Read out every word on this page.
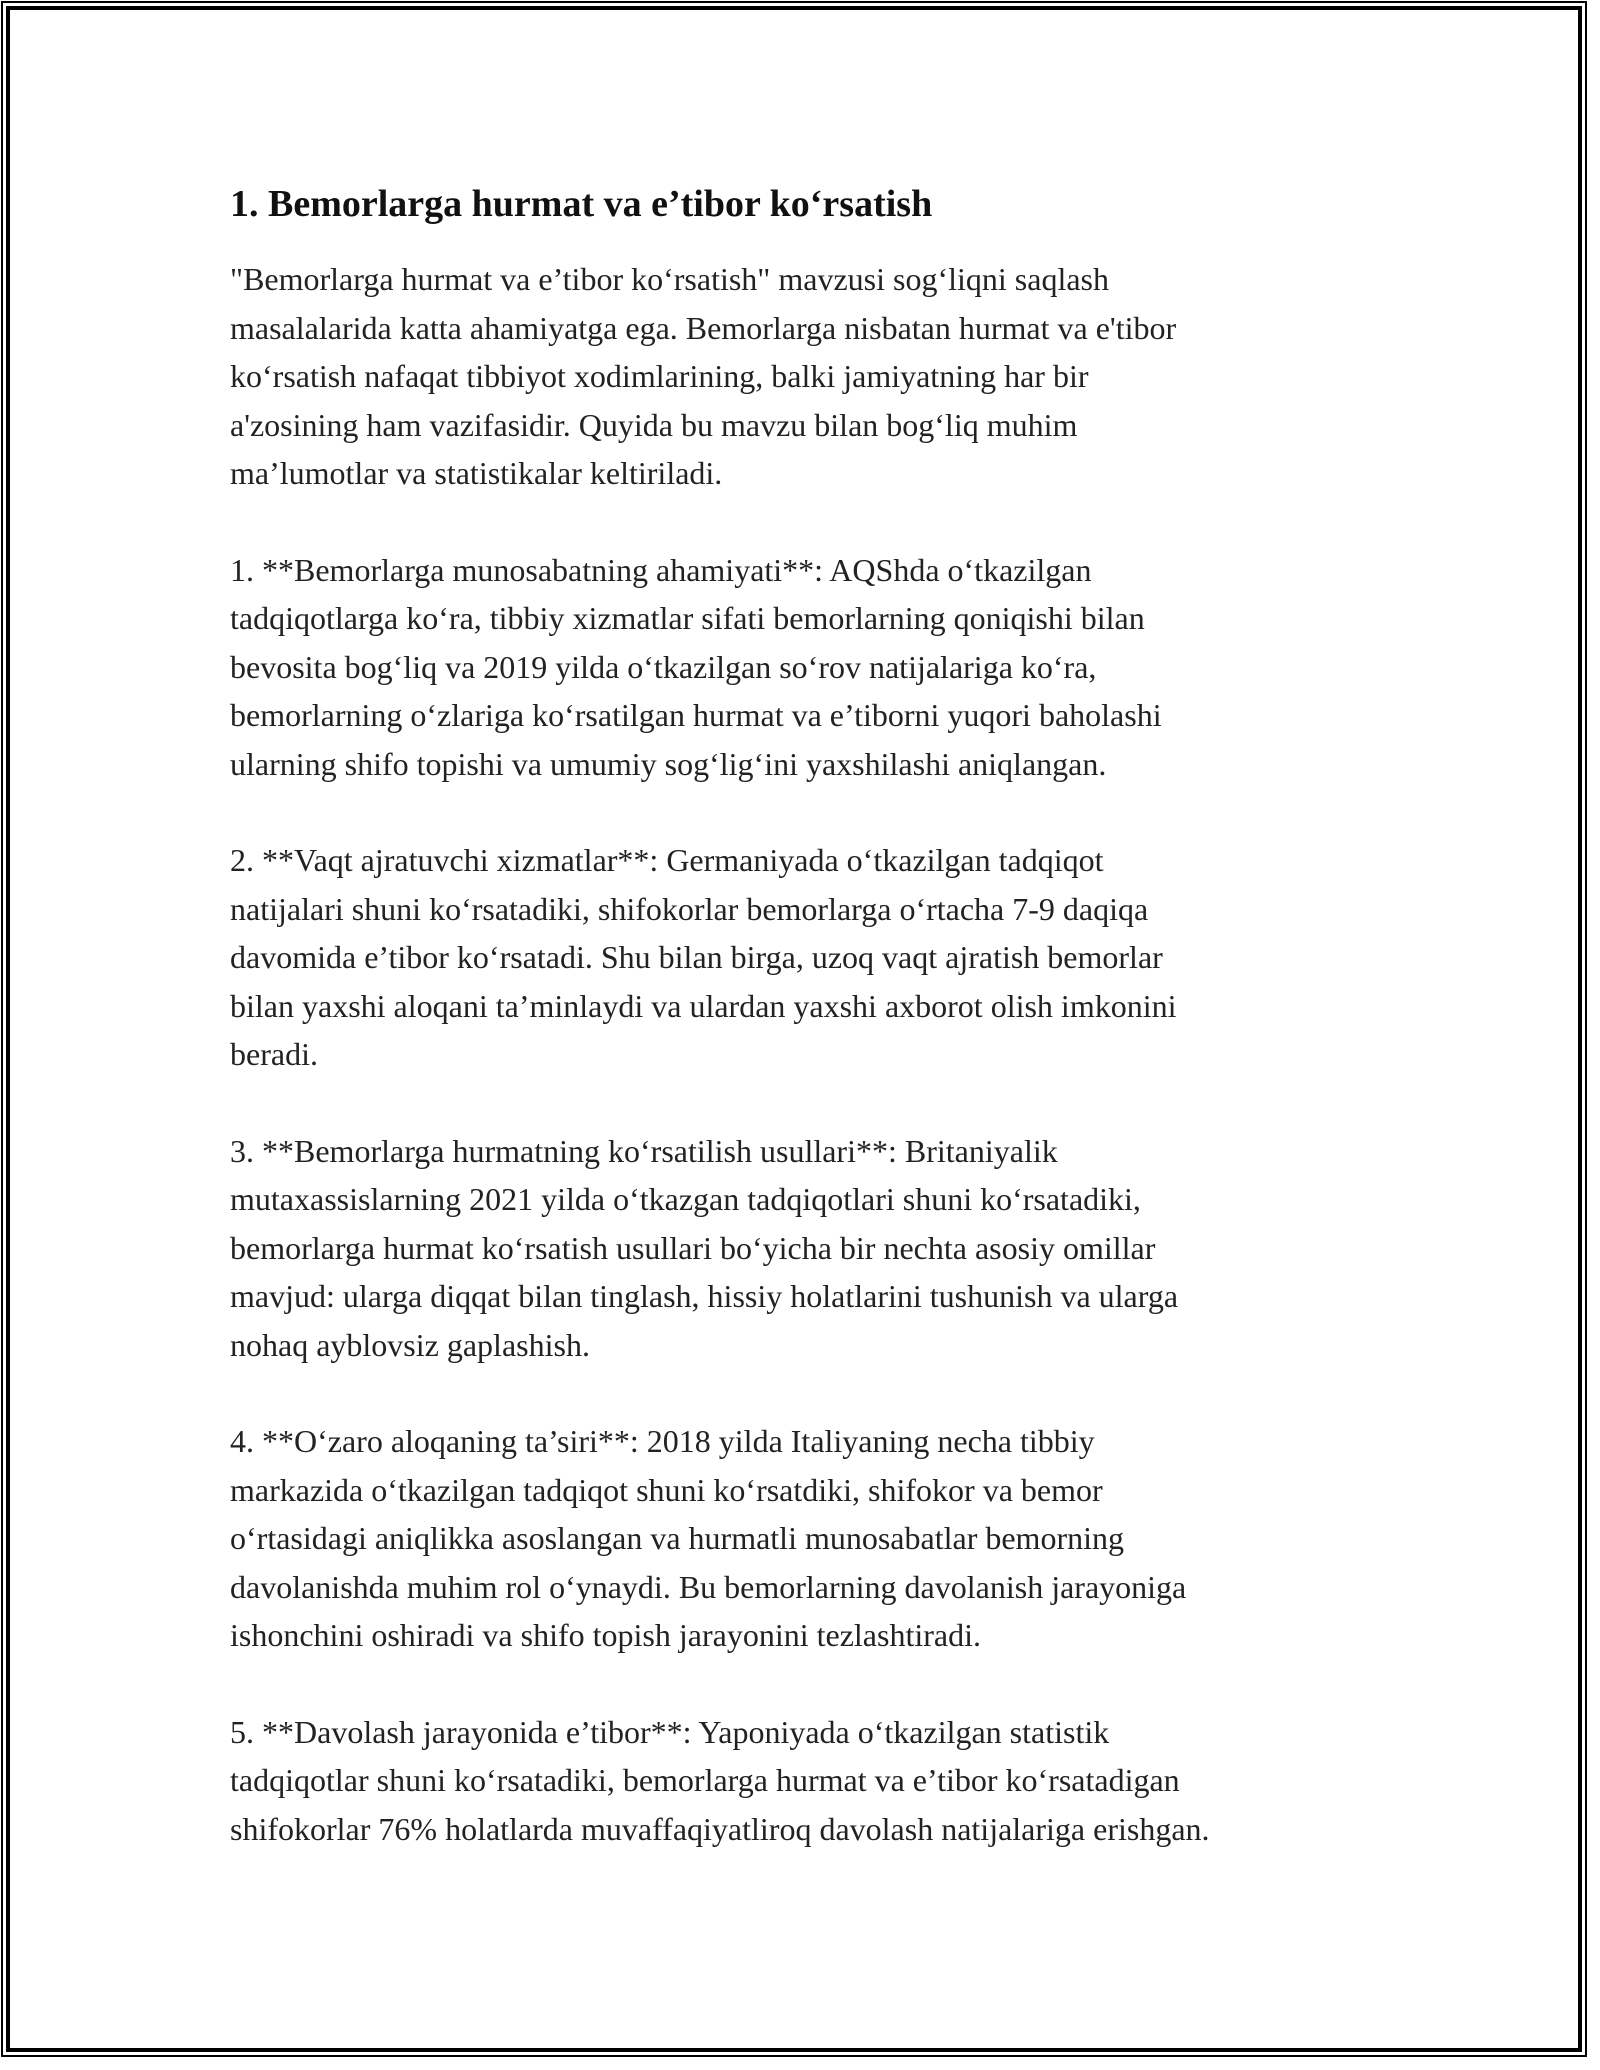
1. Bemorlarga hurmat va e’tibor ko‘rsatish

"Bemorlarga hurmat va e’tibor ko‘rsatish" mavzusi sog‘liqni saqlash
masalalarida katta ahamiyatga ega. Bemorlarga nisbatan hurmat va e'tibor
ko‘rsatish nafaqat tibbiyot xodimlarining, balki jamiyatning har bir
a'zosining ham vazifasidir. Quyida bu mavzu bilan bog‘liq muhim
ma’lumotlar va statistikalar keltiriladi.

1. **Bemorlarga munosabatning ahamiyati**: AQShda o‘tkazilgan
tadqiqotlarga ko‘ra, tibbiy xizmatlar sifati bemorlarning qoniqishi bilan
bevosita bog‘liq va 2019 yilda o‘tkazilgan so‘rov natijalariga ko‘ra,
bemorlarning o‘zlariga ko‘rsatilgan hurmat va e’tiborni yuqori baholashi
ularning shifo topishi va umumiy sog‘lig‘ini yaxshilashi aniqlangan.

2. **Vaqt ajratuvchi xizmatlar**: Germaniyada o‘tkazilgan tadqiqot
natijalari shuni ko‘rsatadiki, shifokorlar bemorlarga o‘rtacha 7-9 daqiqa
davomida e’tibor ko‘rsatadi. Shu bilan birga, uzoq vaqt ajratish bemorlar
bilan yaxshi aloqani ta’minlaydi va ulardan yaxshi axborot olish imkonini
beradi.

3. **Bemorlarga hurmatning ko‘rsatilish usullari**: Britaniyalik
mutaxassislarning 2021 yilda o‘tkazgan tadqiqotlari shuni ko‘rsatadiki,
bemorlarga hurmat ko‘rsatish usullari bo‘yicha bir nechta asosiy omillar
mavjud: ularga diqqat bilan tinglash, hissiy holatlarini tushunish va ularga
nohaq ayblovsiz gaplashish.

4. **O‘zaro aloqaning ta’siri**: 2018 yilda Italiyaning necha tibbiy
markazida o‘tkazilgan tadqiqot shuni ko‘rsatdiki, shifokor va bemor
o‘rtasidagi aniqlikka asoslangan va hurmatli munosabatlar bemorning
davolanishda muhim rol o‘ynaydi. Bu bemorlarning davolanish jarayoniga
ishonchini oshiradi va shifo topish jarayonini tezlashtiradi.

5. **Davolash jarayonida e’tibor**: Yaponiyada o‘tkazilgan statistik
tadqiqotlar shuni ko‘rsatadiki, bemorlarga hurmat va e’tibor ko‘rsatadigan
shifokorlar 76% holatlarda muvaffaqiyatliroq davolash natijalariga erishgan.
